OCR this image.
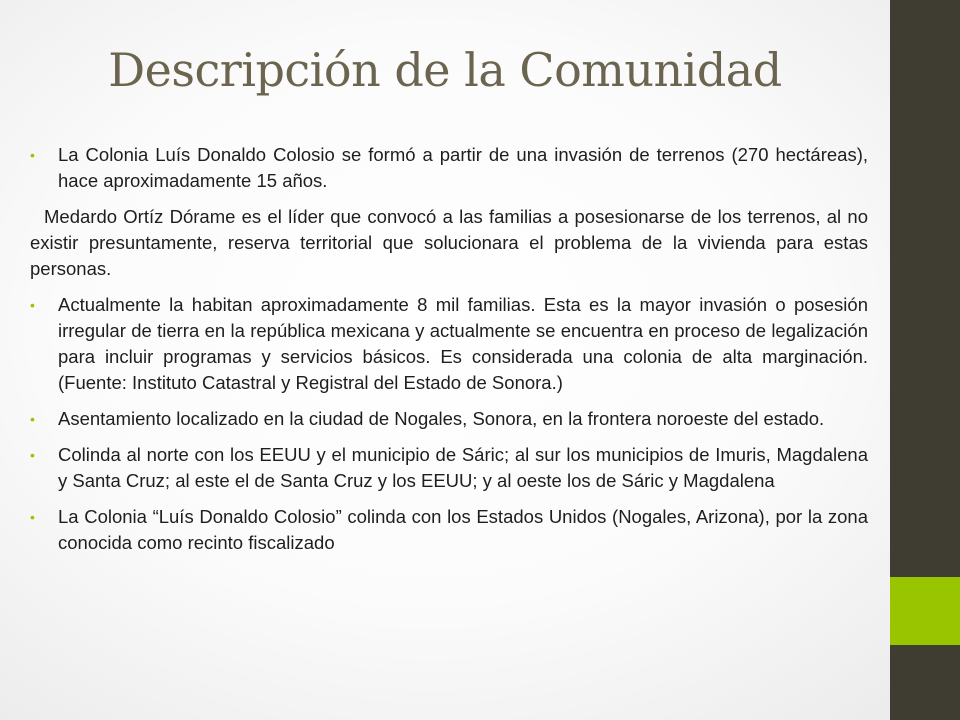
Descripción de la Comunidad
•	La Colonia Luís Donaldo Colosio se formó a partir de una invasión de terrenos (270 hectáreas), hace aproximadamente 15 años.
Medardo Ortíz Dórame es el líder que convocó a las familias a posesionarse de los terrenos, al no existir presuntamente, reserva territorial que solucionara el problema de la vivienda para estas personas.
•	Actualmente la habitan aproximadamente 8 mil familias. Esta es la mayor invasión o posesión irregular de tierra en la república mexicana y actualmente se encuentra en proceso de legalización para incluir programas y servicios básicos. Es considerada una colonia de alta marginación. (Fuente: Instituto Catastral y Registral del Estado de Sonora.)
•	Asentamiento localizado en la ciudad de Nogales, Sonora, en la frontera noroeste del estado.
•	Colinda al norte con los EEUU y el municipio de Sáric; al sur los municipios de Imuris, Magdalena y Santa Cruz; al este el de Santa Cruz y los EEUU; y al oeste los de Sáric y Magdalena
•	La Colonia “Luís Donaldo Colosio” colinda con los Estados Unidos (Nogales, Arizona), por la zona conocida como recinto fiscalizado
